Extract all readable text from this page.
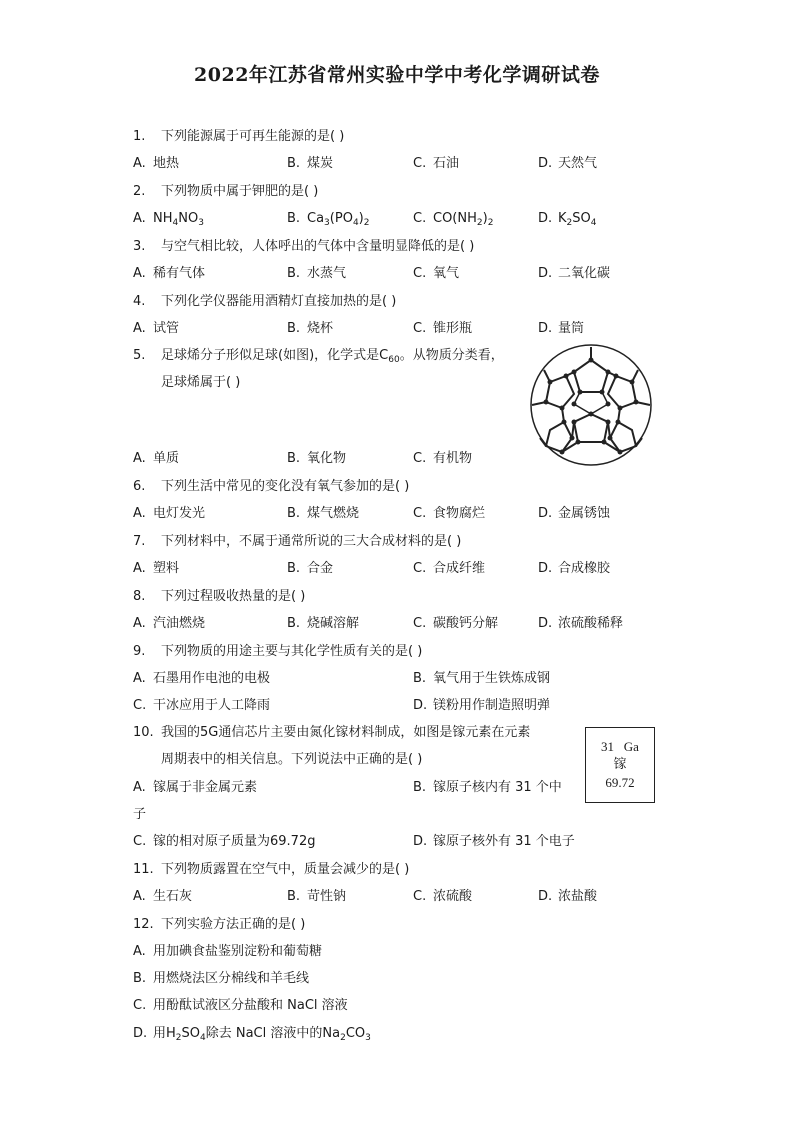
2022年江苏省常州实验中学中考化学调研试卷
1. 下列能源属于可再生能源的是( )
A. 地热	B. 煤炭	C. 石油	D. 天然气
2. 下列物质中属于钾肥的是( )
A. $NH_4NO_3$	B. $Ca_3(PO_4)_2$	C. $CO(NH_2)_2$	D. $K_2SO_4$
3. 与空气相比较，人体呼出的气体中含量明显降低的是( )
A. 稀有气体	B. 水蒸气	C. 氧气	D. 二氧化碳
4. 下列化学仪器能用酒精灯直接加热的是( )
A. 试管	B. 烧杯	C. 锥形瓶	D. 量筒
5. 足球烯分子形似足球(如图)，化学式是$C_{60}$。从物质分类看，
足球烯属于( )
A. 单质	B. 氧化物	C. 有机物
6. 下列生活中常见的变化没有氧气参加的是( )
A. 电灯发光	B. 煤气燃烧	C. 食物腐烂	D. 金属锈蚀
7. 下列材料中，不属于通常所说的三大合成材料的是( )
A. 塑料	B. 合金	C. 合成纤维	D. 合成橡胶
8. 下列过程吸收热量的是( )
A. 汽油燃烧	B. 烧碱溶解	C. 碳酸钙分解	D. 浓硫酸稀释
9. 下列物质的用途主要与其化学性质有关的是( )
A. 石墨用作电池的电极	B. 氧气用于生铁炼成钢
C. 干冰应用于人工降雨	D. 镁粉用作制造照明弹
10. 我国的5G通信芯片主要由氮化镓材料制成，如图是镓元素在元素
周期表中的相关信息。下列说法中正确的是( )
31 Ga
镓
69.72
A. 镓属于非金属元素	B. 镓原子核内有 31 个中
子
C. 镓的相对原子质量为69.72g	D. 镓原子核外有 31 个电子
11. 下列物质露置在空气中，质量会减少的是( )
A. 生石灰	B. 苛性钠	C. 浓硫酸	D. 浓盐酸
12. 下列实验方法正确的是( )
A. 用加碘食盐鉴别淀粉和葡萄糖
B. 用燃烧法区分棉线和羊毛线
C. 用酚酞试液区分盐酸和 NaCl 溶液
D. 用$H_2SO_4$除去 NaCl 溶液中的$Na_2CO_3$
